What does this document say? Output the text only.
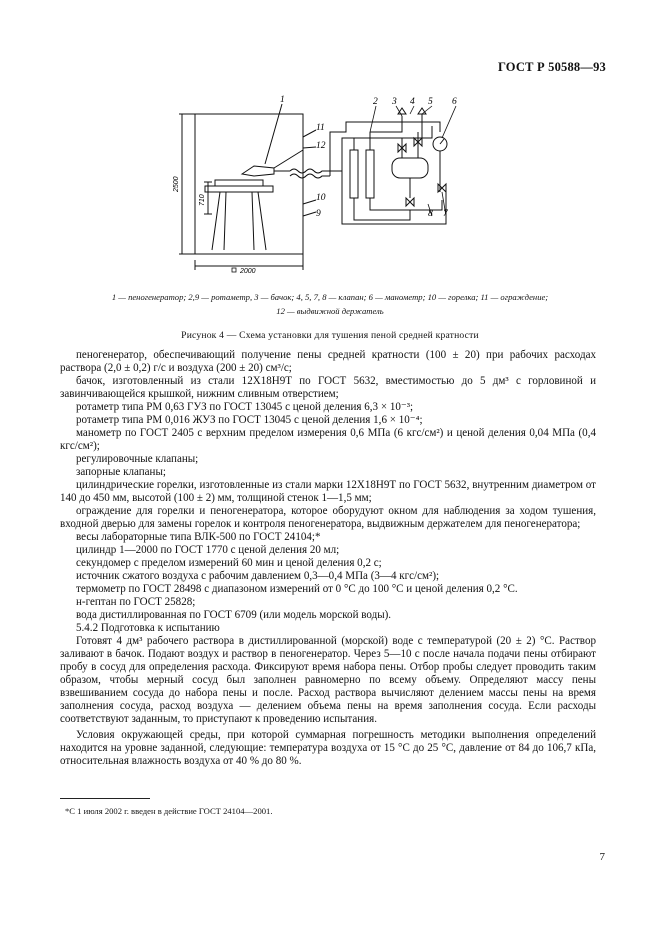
ГОСТ Р 50588—93
1	2 3 4 5 6
11
12
10
9	8 7
2500
710
2000
1 — пеногенератор; 2,9 — ротаметр, 3 — бачок; 4, 5, 7, 8 — клапан; 6 — манометр; 10 — горелка; 11 — ограждение;
12 — выдвижной держатель
Рисунок 4 — Схема установки для тушения пеной средней кратности

пеногенератор, обеспечивающий получение пены средней кратности (100 ± 20) при рабочих расходах раствора (2,0 ± 0,2) г/с и воздуха (200 ± 20) см³/с;

бачок, изготовленный из стали 12Х18Н9Т по ГОСТ 5632, вместимостью до 5 дм³ с горловиной и завинчивающейся крышкой, нижним сливным отверстием;

ротаметр типа РМ 0,63 ГУЗ по ГОСТ 13045 с ценой деления 6,3 × 10⁻³;

ротаметр типа РМ 0,016 ЖУЗ по ГОСТ 13045 с ценой деления 1,6 × 10⁻⁴;

манометр по ГОСТ 2405 с верхним пределом измерения 0,6 МПа (6 кгс/см²) и ценой деления 0,04 МПа (0,4 кгс/см²);

регулировочные клапаны;

запорные клапаны;

цилиндрические горелки, изготовленные из стали марки 12Х18Н9Т по ГОСТ 5632, внутренним диаметром от 140 до 450 мм, высотой (100 ± 2) мм, толщиной стенок 1—1,5 мм;

ограждение для горелки и пеногенератора, которое оборудуют окном для наблюдения за ходом тушения, входной дверью для замены горелок и контроля пеногенератора, выдвижным держателем для пеногенератора;

весы лабораторные типа ВЛК-500 по ГОСТ 24104;*

цилиндр 1—2000 по ГОСТ 1770 с ценой деления 20 мл;

секундомер с пределом измерений 60 мин и ценой деления 0,2 с;

источник сжатого воздуха с рабочим давлением 0,3—0,4 МПа (3—4 кгс/см²);

термометр по ГОСТ 28498 с диапазоном измерений от 0 °С до 100 °С и ценой деления 0,2 °С.

н-гептан по ГОСТ 25828;

вода дистиллированная по ГОСТ 6709 (или модель морской воды).

5.4.2 Подготовка к испытанию

Готовят 4 дм³ рабочего раствора в дистиллированной (морской) воде с температурой (20 ± 2) °С. Раствор заливают в бачок. Подают воздух и раствор в пеногенератор. Через 5—10 с после начала подачи пены отбирают пробу в сосуд для определения расхода. Фиксируют время набора пены. Отбор пробы следует проводить таким образом, чтобы мерный сосуд был заполнен равномерно по всему объему. Определяют массу пены взвешиванием сосуда до набора пены и после. Расход раствора вычисляют делением массы пены на время заполнения сосуда, расход воздуха — делением объема пены на время заполнения сосуда. Если расходы соответствуют заданным, то приступают к проведению испытания.

Условия окружающей среды, при которой суммарная погрешность методики выполнения определений находится на уровне заданной, следующие: температура воздуха от 15 °С до 25 °С, давление от 84 до 106,7 кПа, относительная влажность воздуха от 40 % до 80 %.

*С 1 июля 2002 г. введен в действие ГОСТ 24104—2001.
7
